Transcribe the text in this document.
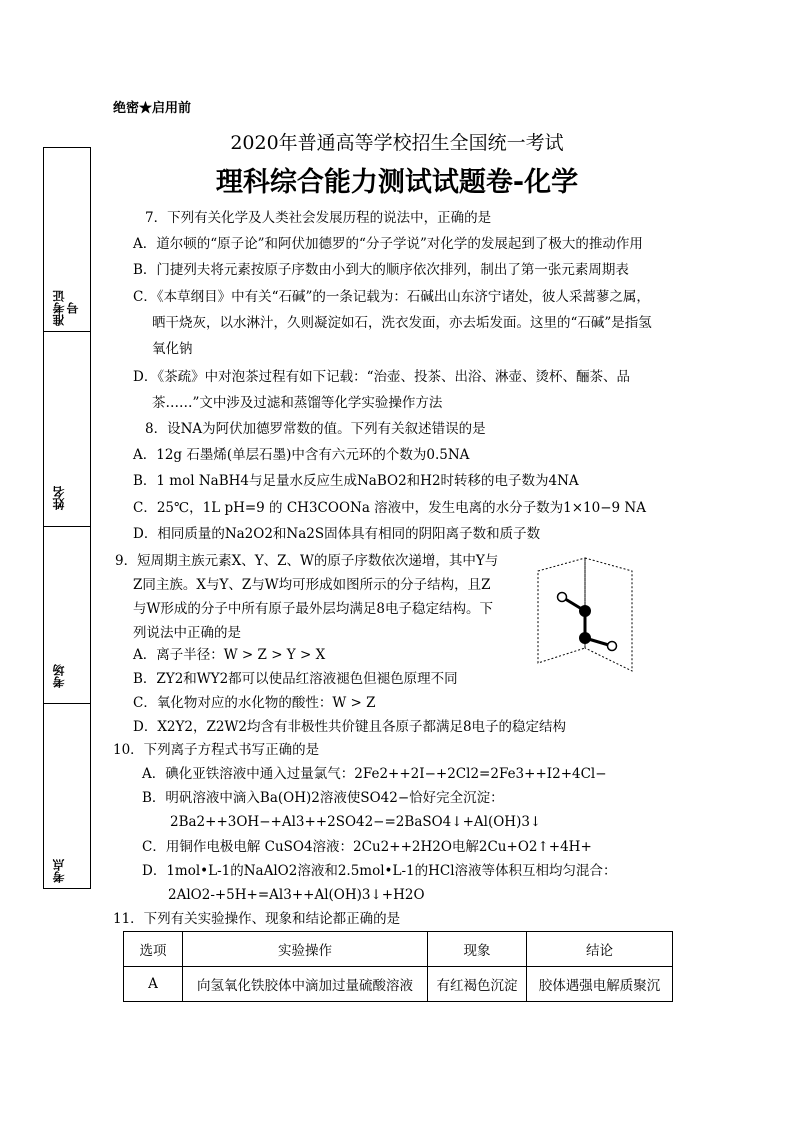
绝密★启用前
2020年普通高等学校招生全国统一考试
理科综合能力测试试题卷-化学
准考证号
姓名
考场
考点
7．下列有关化学及人类社会发展历程的说法中，正确的是
A．道尔顿的“原子论”和阿伏加德罗的“分子学说”对化学的发展起到了极大的推动作用
B．门捷列夫将元素按原子序数由小到大的顺序依次排列，制出了第一张元素周期表
C．《本草纲目》中有关“石碱”的一条记载为：石碱出山东济宁诸处，彼人采蒿蓼之属，
晒干烧灰，以水淋汁，久则凝淀如石，洗衣发面，亦去垢发面。这里的“石碱”是指氢
氧化钠
D．《茶疏》中对泡茶过程有如下记载：“治壶、投茶、出浴、淋壶、烫杯、酾茶、品
茶……”文中涉及过滤和蒸馏等化学实验操作方法
8．设NA为阿伏加德罗常数的值。下列有关叙述错误的是
A．12g 石墨烯(单层石墨)中含有六元环的个数为0.5NA
B．1 mol NaBH4与足量水反应生成NaBO2和H2时转移的电子数为4NA
C．25℃，1L pH=9 的 CH3COONa 溶液中，发生电离的水分子数为1×10−9 NA
D．相同质量的Na2O2和Na2S固体具有相同的阴阳离子数和质子数
9．短周期主族元素X、Y、Z、W的原子序数依次递增，其中Y与
Z同主族。X与Y、Z与W均可形成如图所示的分子结构，且Z
与W形成的分子中所有原子最外层均满足8电子稳定结构。下
列说法中正确的是
A．离子半径：W > Z > Y > X
B．ZY2和WY2都可以使品红溶液褪色但褪色原理不同
C．氧化物对应的水化物的酸性：W > Z
D．X2Y2，Z2W2均含有非极性共价键且各原子都满足8电子的稳定结构
10．下列离子方程式书写正确的是
A．碘化亚铁溶液中通入过量氯气：2Fe2++2I−+2Cl2=2Fe3++I2+4Cl−
B．明矾溶液中滴入Ba(OH)2溶液使SO42−恰好完全沉淀：
2Ba2++3OH−+Al3++2SO42−=2BaSO4↓+Al(OH)3↓
C．用铜作电极电解 CuSO4溶液：2Cu2++2H2O电解2Cu+O2↑+4H+
D．1mol•L-1的NaAlO2溶液和2.5mol•L-1的HCl溶液等体积互相均匀混合：
2AlO2-+5H+=Al3++Al(OH)3↓+H2O
11．下列有关实验操作、现象和结论都正确的是
选项	实验操作	现象	结论
A	向氢氧化铁胶体中滴加过量硫酸溶液	有红褐色沉淀	胶体遇强电解质聚沉
